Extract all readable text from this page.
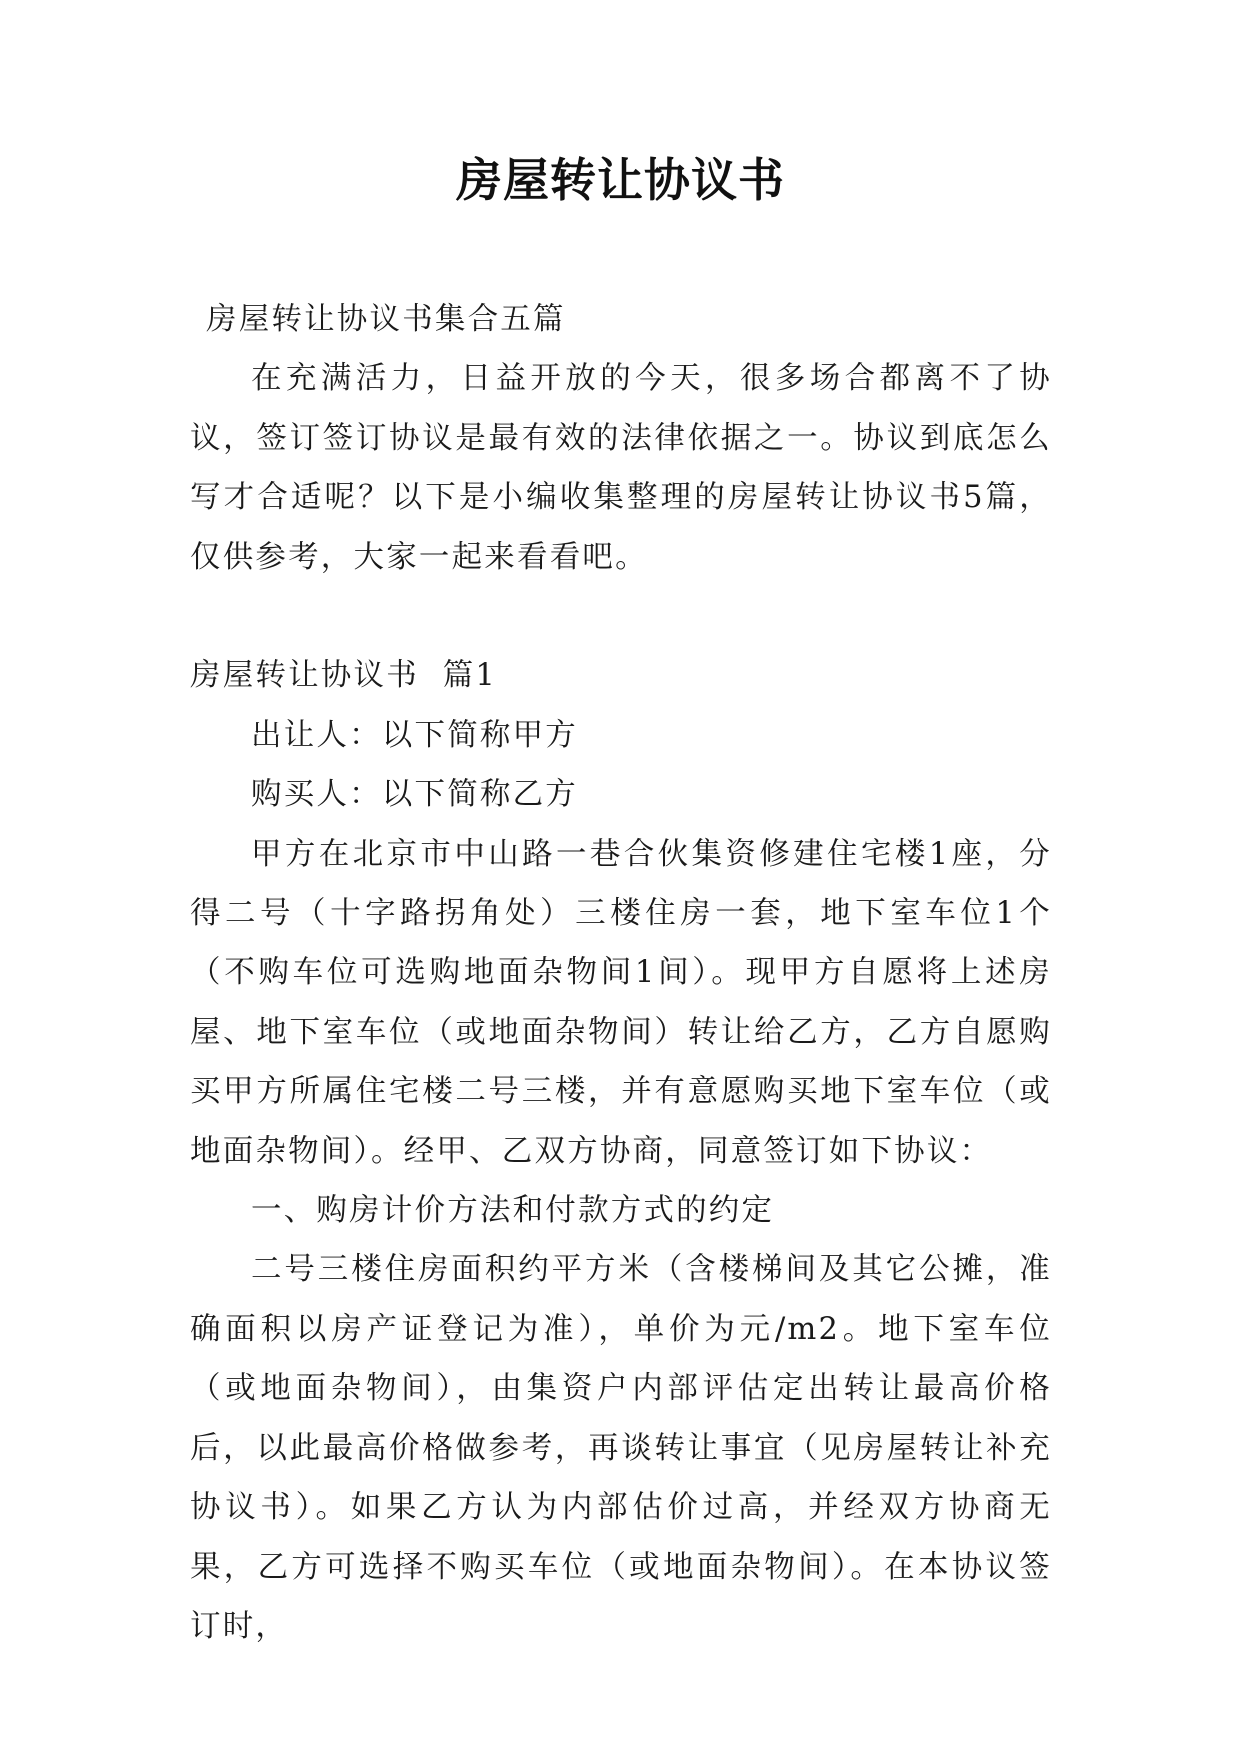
房屋转让协议书

房屋转让协议书集合五篇

在充满活力，日益开放的今天，很多场合都离不了协议，签订签订协议是最有效的法律依据之一。协议到底怎么写才合适呢？以下是小编收集整理的房屋转让协议书5篇，仅供参考，大家一起来看看吧。

房屋转让协议书  篇1

出让人：以下简称甲方

购买人：以下简称乙方

甲方在北京市中山路一巷合伙集资修建住宅楼1座，分得二号（十字路拐角处）三楼住房一套，地下室车位1个（不购车位可选购地面杂物间1间）。现甲方自愿将上述房屋、地下室车位（或地面杂物间）转让给乙方，乙方自愿购买甲方所属住宅楼二号三楼，并有意愿购买地下室车位（或地面杂物间）。经甲、乙双方协商，同意签订如下协议：

一、购房计价方法和付款方式的约定

二号三楼住房面积约平方米（含楼梯间及其它公摊，准确面积以房产证登记为准），单价为元/m2。地下室车位（或地面杂物间），由集资户内部评估定出转让最高价格后，以此最高价格做参考，再谈转让事宜（见房屋转让补充协议书）。如果乙方认为内部估价过高，并经双方协商无果，乙方可选择不购买车位（或地面杂物间）。在本协议签订时，
